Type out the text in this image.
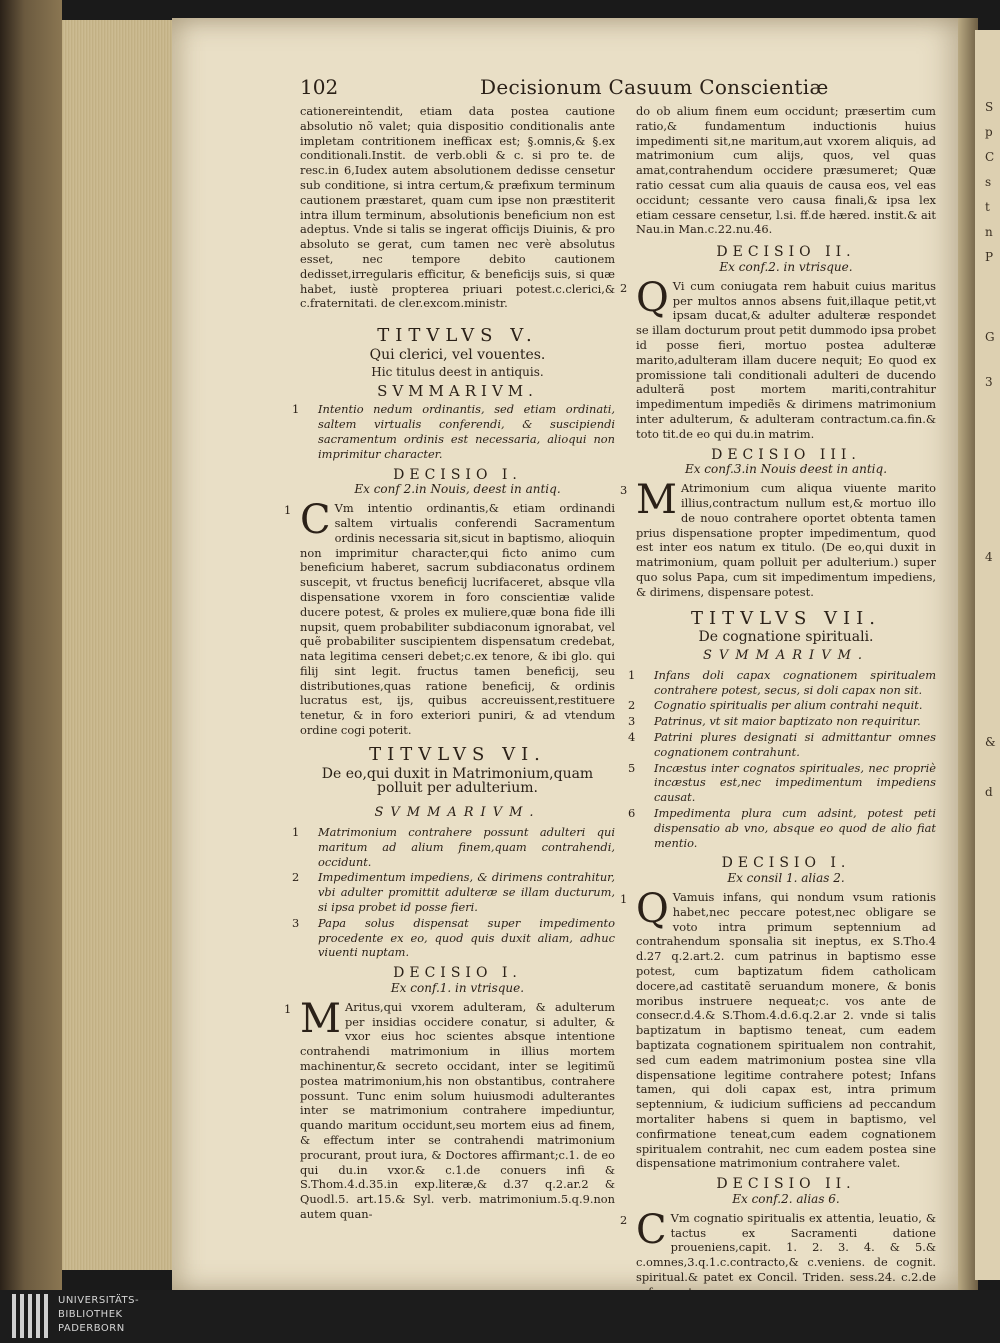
S
p
C
s
t
n
P
G
3
4
&
d
102	Decisionum Casuum Conscientiæ

cationereintendit, etiam data postea cautione absolutio nõ valet; quia dispositio conditionalis ante impletam contritionem inefficax est; §.omnis,& §.ex conditionali.Instit. de verb.obli & c. si pro te. de resc.in 6,Iudex autem absolutionem dedisse censetur sub conditione, si intra certum,& præfixum terminum cautionem præstaret, quam cum ipse non præstiterit intra illum terminum, absolutionis beneficium non est adeptus. Vnde si talis se ingerat officijs Diuinis, & pro absoluto se gerat, cum tamen nec verè absolutus esset, nec tempore debito cautionem dedisset,irregularis efficitur, & beneficijs suis, si quæ habet, iustè propterea priuari potest.c.clerici,& c.fraternitati. de cler.excom.ministr.

TITVLVS V.
Qui clerici, vel vouentes.
Hic titulus deest in antiquis.
SVMMARIVM.
1 Intentio nedum ordinantis, sed etiam ordinati, saltem virtualis conferendi, & suscipiendi sacramentum ordinis est necessaria, alioqui non imprimitur character.
DECISIO I.
Ex conf 2.in Nouis, deest in antiq.
1 C Vm intentio ordinantis,& etiam ordinandi saltem virtualis conferendi Sacramentum ordinis necessaria sit,sicut in baptismo, alioquin non imprimitur character,qui ficto animo cum beneficium haberet, sacrum subdiaconatus ordinem suscepit, vt fructus beneficij lucrifaceret, absque vlla dispensatione vxorem in foro conscientiæ valide ducere potest, & proles ex muliere,quæ bona fide illi nupsit, quem probabiliter subdiaconum ignorabat, vel quẽ probabiliter suscipientem dispensatum credebat, nata legitima censeri debet;c.ex tenore, & ibi glo. qui filij sint legit. fructus tamen beneficij, seu distributiones,quas ratione beneficij, & ordinis lucratus est, ijs, quibus accreuissent,restituere tenetur, & in foro exteriori puniri, & ad vtendum ordine cogi poterit.
TITVLVS VI.
De eo,qui duxit in Matrimonium,quam polluit per adulterium.
SVMMARIVM.
1 Matrimonium contrahere possunt adulteri qui maritum ad alium finem,quam contrahendi, occidunt.
2 Impedimentum impediens, & dirimens contrahitur, vbi adulter promittit adulteræ se illam ducturum, si ipsa probet id posse fieri.
3 Papa solus dispensat super impedimento procedente ex eo, quod quis duxit aliam, adhuc viuenti nuptam.
DECISIO I.
Ex conf.1. in vtrisque.
1 M Aritus,qui vxorem adulteram, & adulterum per insidias occidere conatur, si adulter, & vxor eius hoc scientes absque intentione contrahendi matrimonium in illius mortem machinentur,& secreto occidant, inter se legitimũ postea matrimonium,his non obstantibus, contrahere possunt. Tunc enim solum huiusmodi adulterantes inter se matrimonium contrahere impediuntur, quando maritum occidunt,seu mortem eius ad finem, & effectum inter se contrahendi matrimonium procurant, prout iura, & Doctores affirmant;c.1. de eo qui du.in vxor.& c.1.de conuers infi & S.Thom.4.d.35.in exp.literæ,& d.37 q.2.ar.2 & Quodl.5. art.15.& Syl. verb. matrimonium.5.q.9.non autem quan-

do ob alium finem eum occidunt; præsertim cum ratio,& fundamentum inductionis huius impedimenti sit,ne maritum,aut vxorem aliquis, ad matrimonium cum alijs, quos, vel quas amat,contrahendum occidere præsumeret; Quæ ratio cessat cum alia quauis de causa eos, vel eas occidunt; cessante vero causa finali,& ipsa lex etiam cessare censetur, l.si. ff.de hæred. instit.& ait Nau.in Man.c.22.nu.46.

DECISIO II.
Ex conf.2. in vtrisque.
2 Q Vi cum coniugata rem habuit cuius maritus per multos annos absens fuit,illaque petit,vt ipsam ducat,& adulter adulteræ respondet se illam docturum prout petit dummodo ipsa probet id posse fieri, mortuo postea adulteræ marito,adulteram illam ducere nequit; Eo quod ex promissione tali conditionali adulteri de ducendo adulterã post mortem mariti,contrahitur impedimentum impediẽs & dirimens matrimonium inter adulterum, & adulteram contractum.ca.fin.& toto tit.de eo qui du.in matrim.
DECISIO III.
Ex conf.3.in Nouis deest in antiq.
3 M Atrimonium cum aliqua viuente marito illius,contractum nullum est,& mortuo illo de nouo contrahere oportet obtenta tamen prius dispensatione propter impedimentum, quod est inter eos natum ex titulo. (De eo,qui duxit in matrimonium, quam polluit per adulterium.) super quo solus Papa, cum sit impedimentum impediens, & dirimens, dispensare potest.
TITVLVS VII.
De cognatione spirituali.
SVMMARIVM.
1 Infans doli capax cognationem spiritualem contrahere potest, secus, si doli capax non sit.
2 Cognatio spiritualis per alium contrahi nequit.
3 Patrinus, vt sit maior baptizato non requiritur.
4 Patrini plures designati si admittantur omnes cognationem contrahunt.
5 Incæstus inter cognatos spirituales, nec propriè incæstus est,nec impedimentum impediens causat.
6 Impedimenta plura cum adsint, potest peti dispensatio ab vno, absque eo quod de alio fiat mentio.
DECISIO I.
Ex consil 1. alias 2.
1 Q Vamuis infans, qui nondum vsum rationis habet,nec peccare potest,nec obligare se voto intra primum septennium ad contrahendum sponsalia sit ineptus, ex S.Tho.4 d.27 q.2.art.2. cum patrinus in baptismo esse potest, cum baptizatum fidem catholicam docere,ad castitatẽ seruandum monere, & bonis moribus instruere nequeat;c. vos ante de consecr.d.4.& S.Thom.4.d.6.q.2.ar 2. vnde si talis baptizatum in baptismo teneat, cum eadem baptizata cognationem spiritualem non contrahit, sed cum eadem matrimonium postea sine vlla dispensatione legitime contrahere potest; Infans tamen, qui doli capax est, intra primum septennium, & iudicium sufficiens ad peccandum mortaliter habens si quem in baptismo, vel confirmatione teneat,cum eadem cognationem spiritualem contrahit, nec cum eadem postea sine dispensatione matrimonium contrahere valet.
DECISIO II.
Ex conf.2. alias 6.
2 C Vm cognatio spiritualis ex attentia, leuatio, & tactus ex Sacramenti datione proueniens,capit. 1. 2. 3. 4. & 5.& c.omnes,3.q.1.c.contracto,& c.veniens. de cognit. spiritual.& patet ex Concil. Triden. sess.24. c.2.de
UNIVERSITÄTS-
BIBLIOTHEK
PADERBORN
